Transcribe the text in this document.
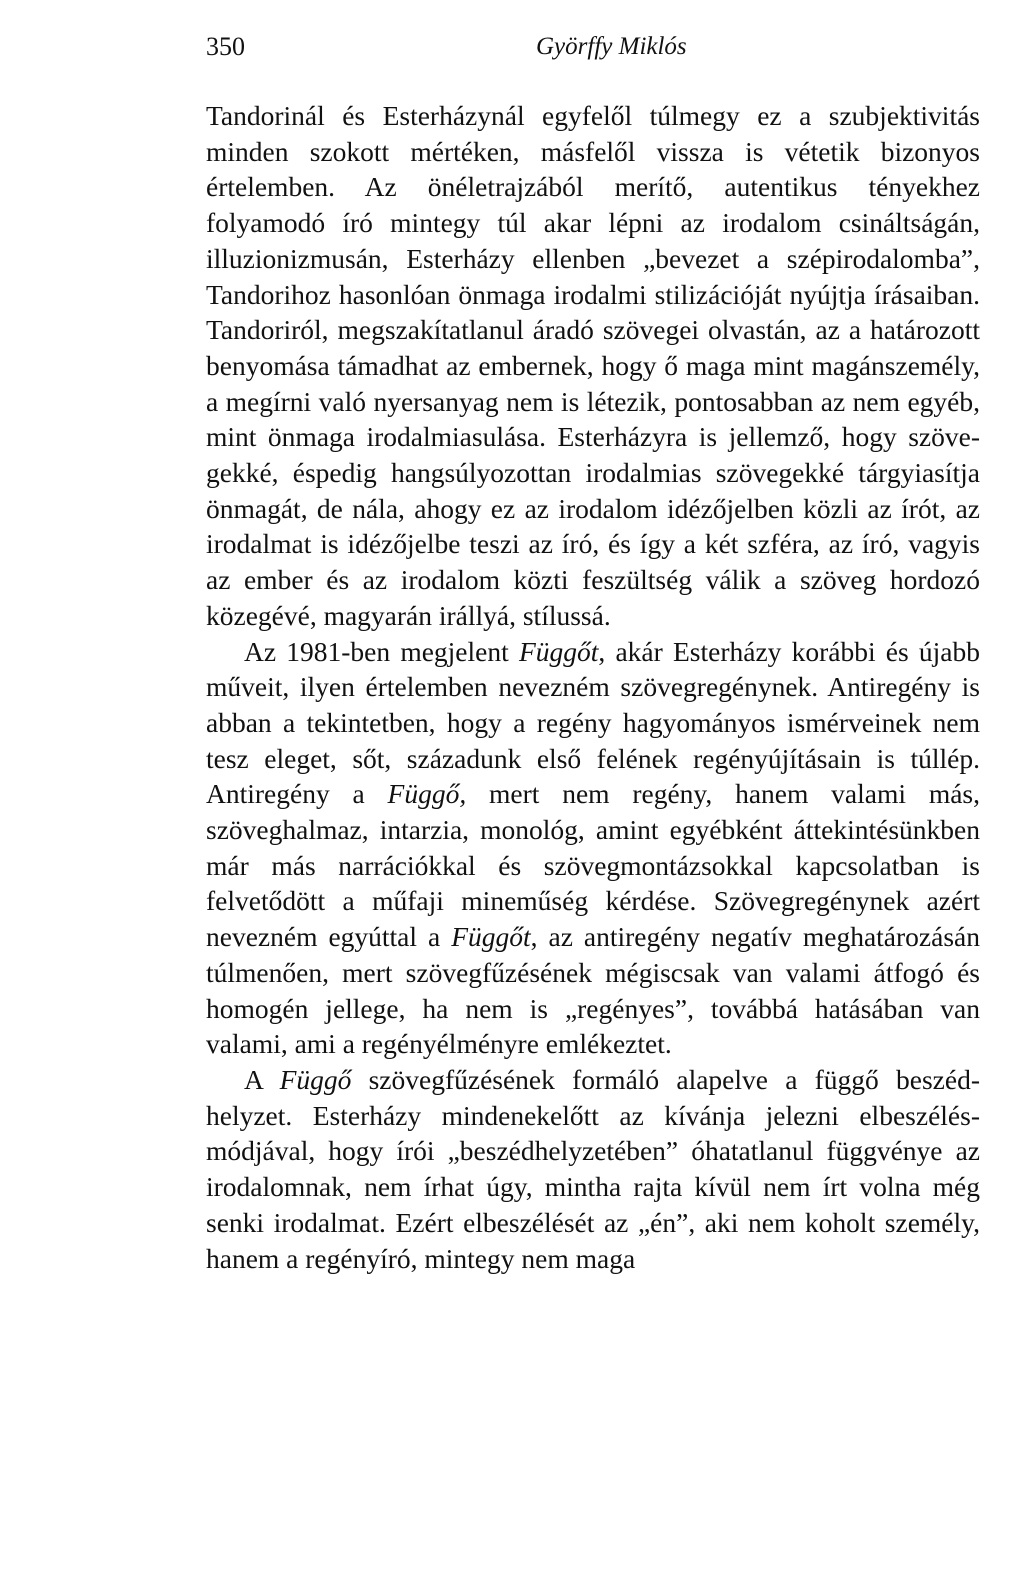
350	Györffy Miklós

Tandorinál és Esterházynál egyfelől túlmegy ez a szubjektivitás minden szokott mértéken, másfelől vissza is vétetik bizonyos értelemben. Az önéletrajzából merítő, autentikus tényekhez folyamodó író mintegy túl akar lépni az irodalom csináltságán, illuzionizmusán, Esterházy ellenben „bevezet a szépirodalomba”, Tandorihoz hasonlóan önmaga irodalmi stilizációját nyújtja írásaiban. Tandoriról, megszakítatlanul áradó szövegei olvastán, az a határozott benyomása támadhat az embernek, hogy ő maga mint magánszemély, a megírni való nyersanyag nem is létezik, pontosabban az nem egyéb, mint önmaga irodalmiasulása. Esterházyra is jellemző, hogy szövegekké, éspedig hangsúlyozottan irodalmias szövegekké tárgyiasítja önmagát, de nála, ahogy ez az irodalom idézőjelben közli az írót, az irodalmat is idézőjelbe teszi az író, és így a két szféra, az író, vagyis az ember és az irodalom közti feszültség válik a szöveg hordozó közegévé, magyarán irállyá, stílussá.

Az 1981-ben megjelent Függőt, akár Esterházy korábbi és újabb műveit, ilyen értelemben nevezném szövegregénynek. Antiregény is abban a tekintetben, hogy a regény hagyományos ismérveinek nem tesz eleget, sőt, századunk első felének regényújításain is túllép. Antiregény a Függő, mert nem regény, hanem valami más, szöveghalmaz, intarzia, monológ, amint egyébként áttekintésünkben már más narrációkkal és szövegmontázsokkal kapcsolatban is felvetődött a műfaji mineműség kérdése. Szövegregénynek azért nevezném egyúttal a Függőt, az antiregény negatív meghatározásán túlmenően, mert szövegfűzésének mégiscsak van valami átfogó és homogén jellege, ha nem is „regényes”, továbbá hatásában van valami, ami a regényélményre emlékeztet.

A Függő szövegfűzésének formáló alapelve a függő beszédhelyzet. Esterházy mindenekelőtt az kívánja jelezni elbeszélésmódjával, hogy írói „beszédhelyzetében” óhatatlanul függvénye az irodalomnak, nem írhat úgy, mintha rajta kívül nem írt volna még senki irodalmat. Ezért elbeszélését az „én”, aki nem koholt személy, hanem a regényíró, mintegy nem maga
